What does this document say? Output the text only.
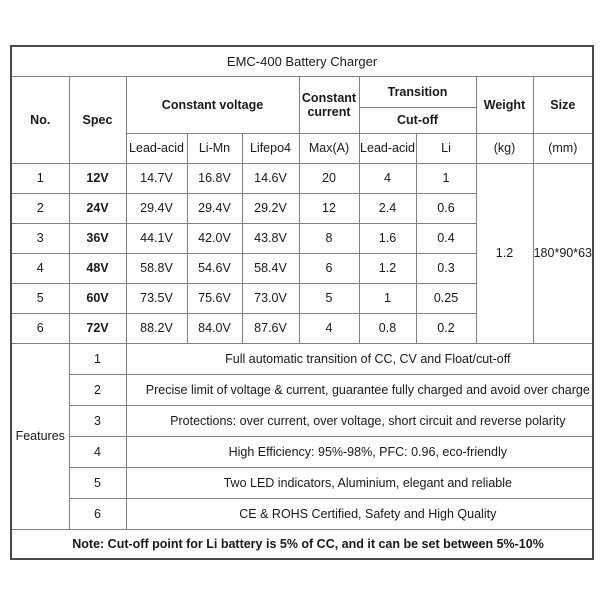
EMC-400 Battery Charger									
No.	Spec	Constant voltage			Constant current	Transition		Weight	Size
						Cut-off			
		Lead-acid	Li-Mn	Lifepo4	Max(A)	Lead-acid	Li	(kg)	(mm)
1	12V	14.7V	16.8V	14.6V	20	4	1	1.2	180*90*63
2	24V	29.4V	29.4V	29.2V	12	2.4	0.6		
3	36V	44.1V	42.0V	43.8V	8	1.6	0.4		
4	48V	58.8V	54.6V	58.4V	6	1.2	0.3		
5	60V	73.5V	75.6V	73.0V	5	1	0.25		
6	72V	88.2V	84.0V	87.6V	4	0.8	0.2		
Features	1	Full automatic transition of CC, CV and Float/cut-off							
	2	Precise limit of voltage & current, guarantee fully charged and avoid over charge							
	3	Protections: over current, over voltage, short circuit and reverse polarity							
	4	High Efficiency: 95%-98%, PFC: 0.96, eco-friendly							
	5	Two LED indicators, Aluminium, elegant and reliable							
	6	CE & ROHS Certified, Safety and High Quality							
Note: Cut-off point for Li battery is 5% of CC, and it can be set between 5%-10%									
